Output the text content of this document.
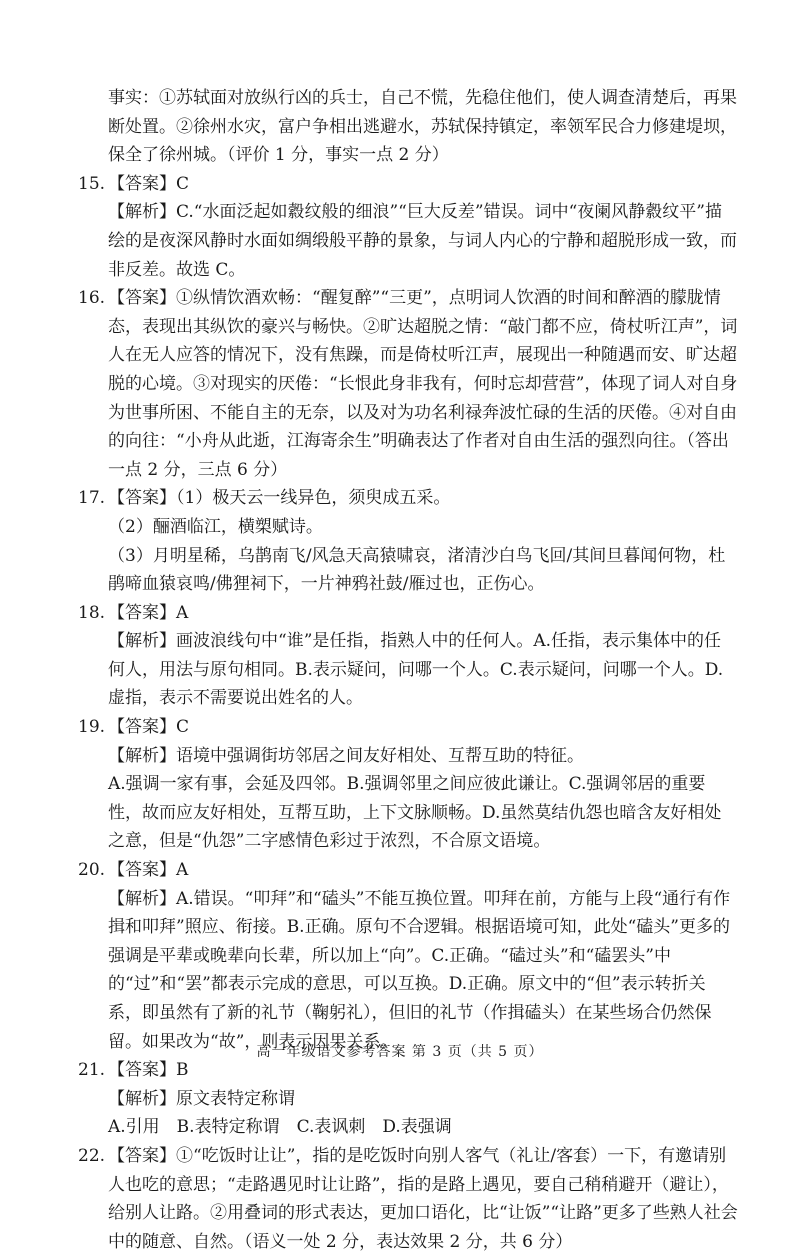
事实：①苏轼面对放纵行凶的兵士，自己不慌，先稳住他们，使人调查清楚后，再果断处置。②徐州水灾，富户争相出逃避水，苏轼保持镇定，率领军民合力修建堤坝，保全了徐州城。（评价 1 分，事实一点 2 分）

15. 【答案】C

【解析】C.“水面泛起如縠纹般的细浪”“巨大反差”错误。词中“夜阑风静縠纹平”描绘的是夜深风静时水面如绸缎般平静的景象，与词人内心的宁静和超脱形成一致，而非反差。故选 C。

16. 【答案】①纵情饮酒欢畅：“醒复醉”“三更”，点明词人饮酒的时间和醉酒的朦胧情态，表现出其纵饮的豪兴与畅快。②旷达超脱之情：“敲门都不应，倚杖听江声”，词人在无人应答的情况下，没有焦躁，而是倚杖听江声，展现出一种随遇而安、旷达超脱的心境。③对现实的厌倦：“长恨此身非我有，何时忘却营营”，体现了词人对自身为世事所困、不能自主的无奈，以及对为功名利禄奔波忙碌的生活的厌倦。④对自由的向往：“小舟从此逝，江海寄余生”明确表达了作者对自由生活的强烈向往。（答出一点 2 分，三点 6 分）
17. 【答案】（1）极天云一线异色，须臾成五采。

（2）酾酒临江，横槊赋诗。

（3）月明星稀，乌鹊南飞/风急天高猿啸哀，渚清沙白鸟飞回/其间旦暮闻何物，杜鹃啼血猿哀鸣/佛狸祠下，一片神鸦社鼓/雁过也，正伤心。

18. 【答案】A

【解析】画波浪线句中“谁”是任指，指熟人中的任何人。A.任指，表示集体中的任何人，用法与原句相同。B.表示疑问，问哪一个人。C.表示疑问，问哪一个人。D.虚指，表示不需要说出姓名的人。

19. 【答案】C

【解析】语境中强调街坊邻居之间友好相处、互帮互助的特征。

A.强调一家有事，会延及四邻。B.强调邻里之间应彼此谦让。C.强调邻居的重要性，故而应友好相处，互帮互助，上下文脉顺畅。D.虽然莫结仇怨也暗含友好相处之意，但是“仇怨”二字感情色彩过于浓烈，不合原文语境。

20. 【答案】A

【解析】A.错误。“叩拜”和“磕头”不能互换位置。叩拜在前，方能与上段“通行有作揖和叩拜”照应、衔接。B.正确。原句不合逻辑。根据语境可知，此处“磕头”更多的强调是平辈或晚辈向长辈，所以加上“向”。C.正确。“磕过头”和“磕罢头”中的“过”和“罢”都表示完成的意思，可以互换。D.正确。原文中的“但”表示转折关系，即虽然有了新的礼节（鞠躬礼），但旧的礼节（作揖磕头）在某些场合仍然保留。如果改为“故”，则表示因果关系。

21. 【答案】B

【解析】原文表特定称谓

A.引用　B.表特定称谓　C.表讽刺　D.表强调

22. 【答案】①“吃饭时让让”，指的是吃饭时向别人客气（礼让/客套）一下，有邀请别人也吃的意思；“走路遇见时让让路”，指的是路上遇见，要自己稍稍避开（避让），给别人让路。②用叠词的形式表达，更加口语化，比“让饭”“让路”更多了些熟人社会中的随意、自然。（语义一处 2 分，表达效果 2 分，共 6 分）
高一年级语文参考答案 第 3 页（共 5 页）
